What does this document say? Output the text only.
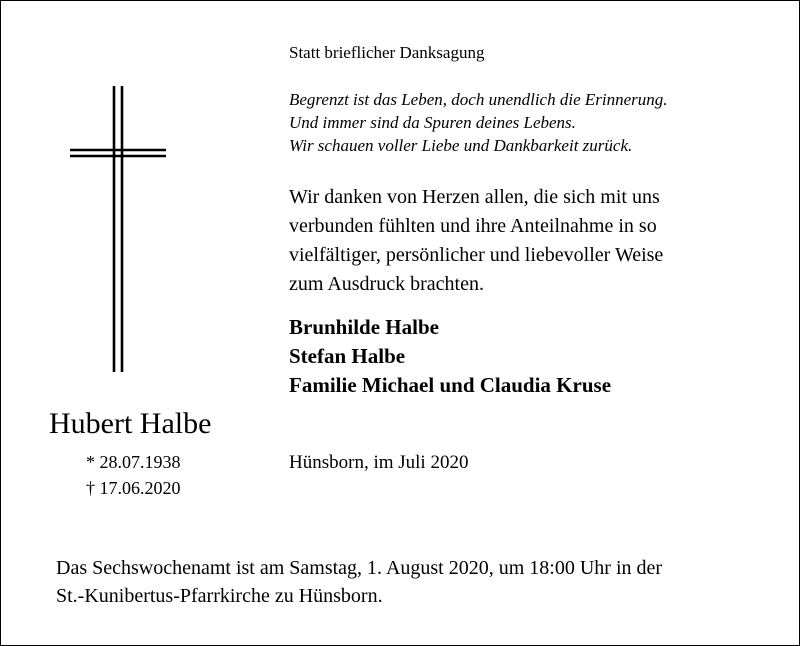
Statt brieflicher Danksagung
Begrenzt ist das Leben, doch unendlich die Erinnerung.
Und immer sind da Spuren deines Lebens.
Wir schauen voller Liebe und Dankbarkeit zurück.
Wir danken von Herzen allen, die sich mit uns
verbunden fühlten und ihre Anteilnahme in so
vielfältiger, persönlicher und liebevoller Weise
zum Ausdruck brachten.
Brunhilde Halbe
Stefan Halbe
Familie Michael und Claudia Kruse
Hubert Halbe
* 28.07.1938
† 17.06.2020
Hünsborn, im Juli 2020
Das Sechswochenamt ist am Samstag, 1. August 2020, um 18:00 Uhr in der
St.-Kunibertus-Pfarrkirche zu Hünsborn.
